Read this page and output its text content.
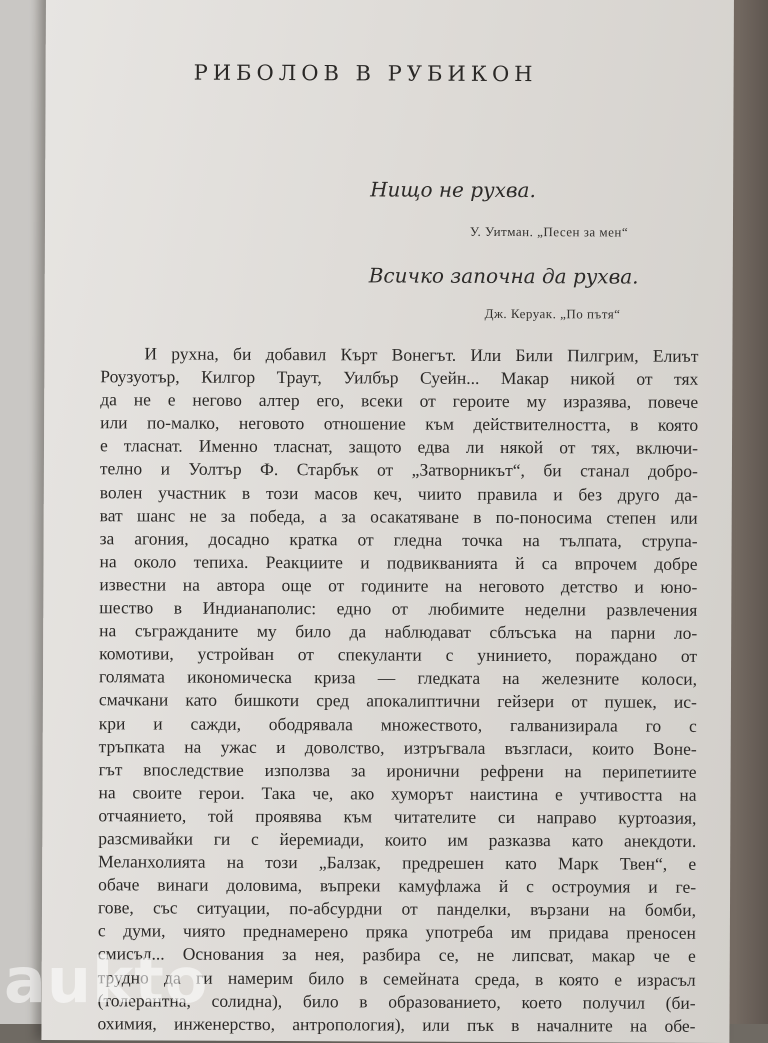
РИБОЛОВ В РУБИКОН
Нищо не рухва.
У. Уитман. „Песен за мен“
Всичко започна да рухва.
Дж. Керуак. „По пътя“
И рухна, би добавил Кърт Вонегът. Или Били Пилгрим, Елиът
Роузуотър, Килгор Траут, Уилбър Суейн... Макар никой от тях
да не е негово алтер его, всеки от героите му изразява, повече
или по-малко, неговото отношение към действителността, в която
е тласнат. Именно тласнат, защото едва ли някой от тях, включи-
телно и Уолтър Ф. Старбък от „Затворникът“, би станал добро-
волен участник в този масов кеч, чиито правила и без друго да-
ват шанс не за победа, а за осакатяване в по-поносима степен или
за агония, досадно кратка от гледна точка на тълпата, струпа-
на около тепиха. Реакциите и подвикванията й са впрочем добре
известни на автора още от годините на неговото детство и юно-
шество в Индианаполис: едно от любимите неделни развлечения
на съгражданите му било да наблюдават сблъсъка на парни ло-
комотиви, устройван от спекуланти с унинието, пораждано от
голямата икономическа криза — гледката на железните колоси,
смачкани като бишкоти сред апокалиптични гейзери от пушек, ис-
кри и сажди, ободрявала множеството, галванизирала го с
тръпката на ужас и доволство, изтръгвала възгласи, които Воне-
гът впоследствие използва за иронични рефрени на перипетиите
на своите герои. Така че, ако хуморът наистина е учтивостта на
отчаянието, той проявява към читателите си направо куртоазия,
разсмивайки ги с йеремиади, които им разказва като анекдоти.
Меланхолията на този „Балзак, предрешен като Марк Твен“, е
обаче винаги доловима, въпреки камуфлажа й с остроумия и ге-
гове, със ситуации, по-абсурдни от панделки, вързани на бомби,
с думи, чиято преднамерено пряка употреба им придава преносен
смисъл... Основания за нея, разбира се, не липсват, макар че е
трудно да ги намерим било в семейната среда, в която е израсъл
(толерантна, солидна), било в образованието, което получил (би-
охимия, инженерство, антропология), или пък в началните на обе-
aukto
